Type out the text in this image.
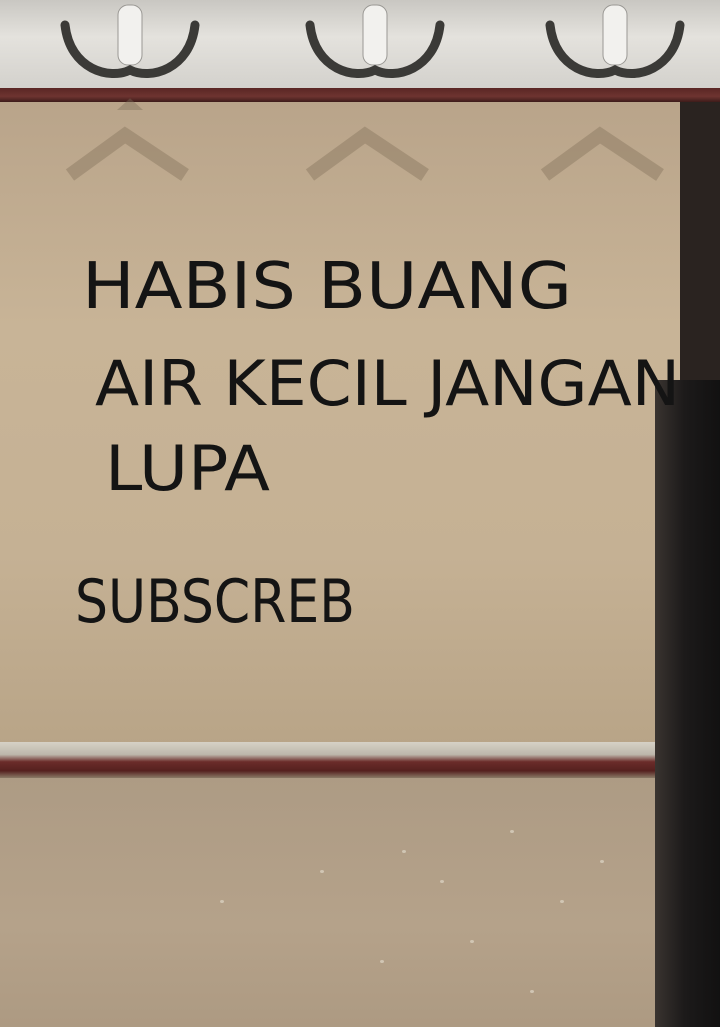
HABIS BUANG
AIR KECIL JANGAN
LUPA
SUBSCREB
